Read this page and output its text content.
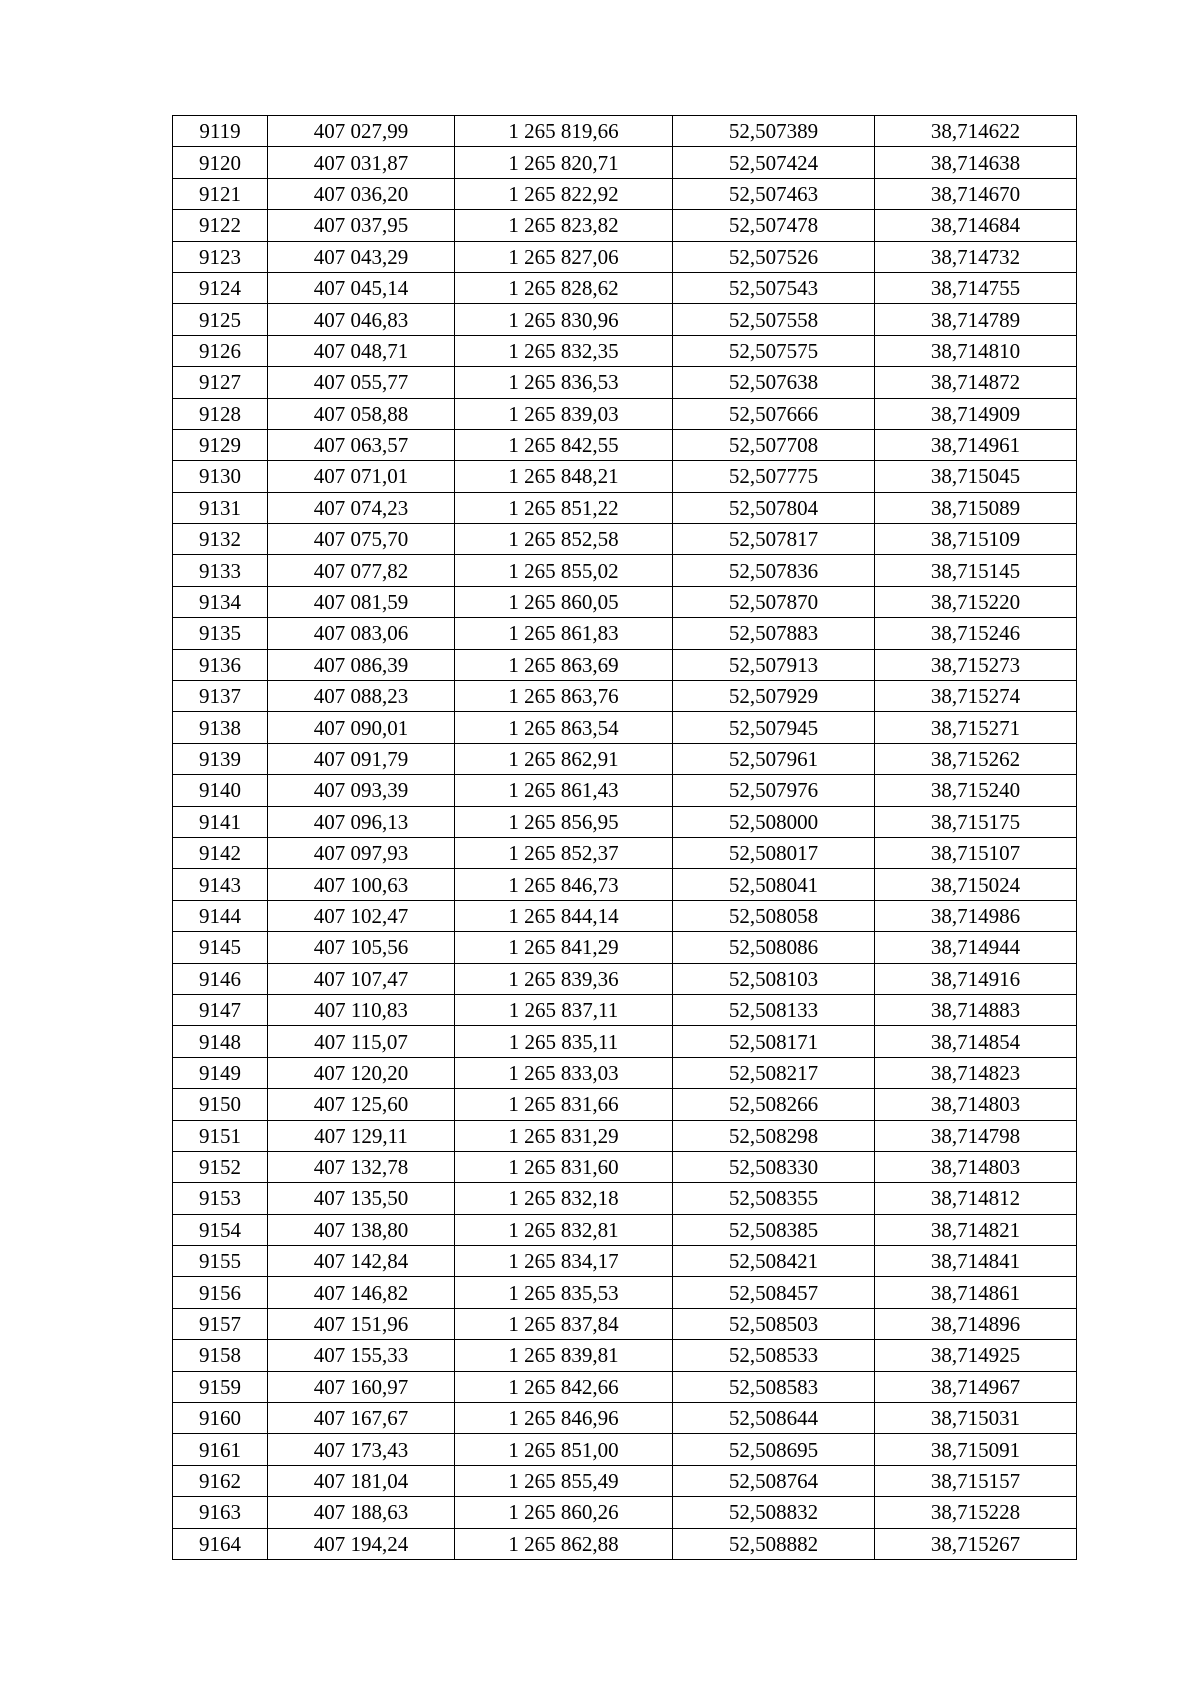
9119	407 027,99	1 265 819,66	52,507389	38,714622
9120	407 031,87	1 265 820,71	52,507424	38,714638
9121	407 036,20	1 265 822,92	52,507463	38,714670
9122	407 037,95	1 265 823,82	52,507478	38,714684
9123	407 043,29	1 265 827,06	52,507526	38,714732
9124	407 045,14	1 265 828,62	52,507543	38,714755
9125	407 046,83	1 265 830,96	52,507558	38,714789
9126	407 048,71	1 265 832,35	52,507575	38,714810
9127	407 055,77	1 265 836,53	52,507638	38,714872
9128	407 058,88	1 265 839,03	52,507666	38,714909
9129	407 063,57	1 265 842,55	52,507708	38,714961
9130	407 071,01	1 265 848,21	52,507775	38,715045
9131	407 074,23	1 265 851,22	52,507804	38,715089
9132	407 075,70	1 265 852,58	52,507817	38,715109
9133	407 077,82	1 265 855,02	52,507836	38,715145
9134	407 081,59	1 265 860,05	52,507870	38,715220
9135	407 083,06	1 265 861,83	52,507883	38,715246
9136	407 086,39	1 265 863,69	52,507913	38,715273
9137	407 088,23	1 265 863,76	52,507929	38,715274
9138	407 090,01	1 265 863,54	52,507945	38,715271
9139	407 091,79	1 265 862,91	52,507961	38,715262
9140	407 093,39	1 265 861,43	52,507976	38,715240
9141	407 096,13	1 265 856,95	52,508000	38,715175
9142	407 097,93	1 265 852,37	52,508017	38,715107
9143	407 100,63	1 265 846,73	52,508041	38,715024
9144	407 102,47	1 265 844,14	52,508058	38,714986
9145	407 105,56	1 265 841,29	52,508086	38,714944
9146	407 107,47	1 265 839,36	52,508103	38,714916
9147	407 110,83	1 265 837,11	52,508133	38,714883
9148	407 115,07	1 265 835,11	52,508171	38,714854
9149	407 120,20	1 265 833,03	52,508217	38,714823
9150	407 125,60	1 265 831,66	52,508266	38,714803
9151	407 129,11	1 265 831,29	52,508298	38,714798
9152	407 132,78	1 265 831,60	52,508330	38,714803
9153	407 135,50	1 265 832,18	52,508355	38,714812
9154	407 138,80	1 265 832,81	52,508385	38,714821
9155	407 142,84	1 265 834,17	52,508421	38,714841
9156	407 146,82	1 265 835,53	52,508457	38,714861
9157	407 151,96	1 265 837,84	52,508503	38,714896
9158	407 155,33	1 265 839,81	52,508533	38,714925
9159	407 160,97	1 265 842,66	52,508583	38,714967
9160	407 167,67	1 265 846,96	52,508644	38,715031
9161	407 173,43	1 265 851,00	52,508695	38,715091
9162	407 181,04	1 265 855,49	52,508764	38,715157
9163	407 188,63	1 265 860,26	52,508832	38,715228
9164	407 194,24	1 265 862,88	52,508882	38,715267
